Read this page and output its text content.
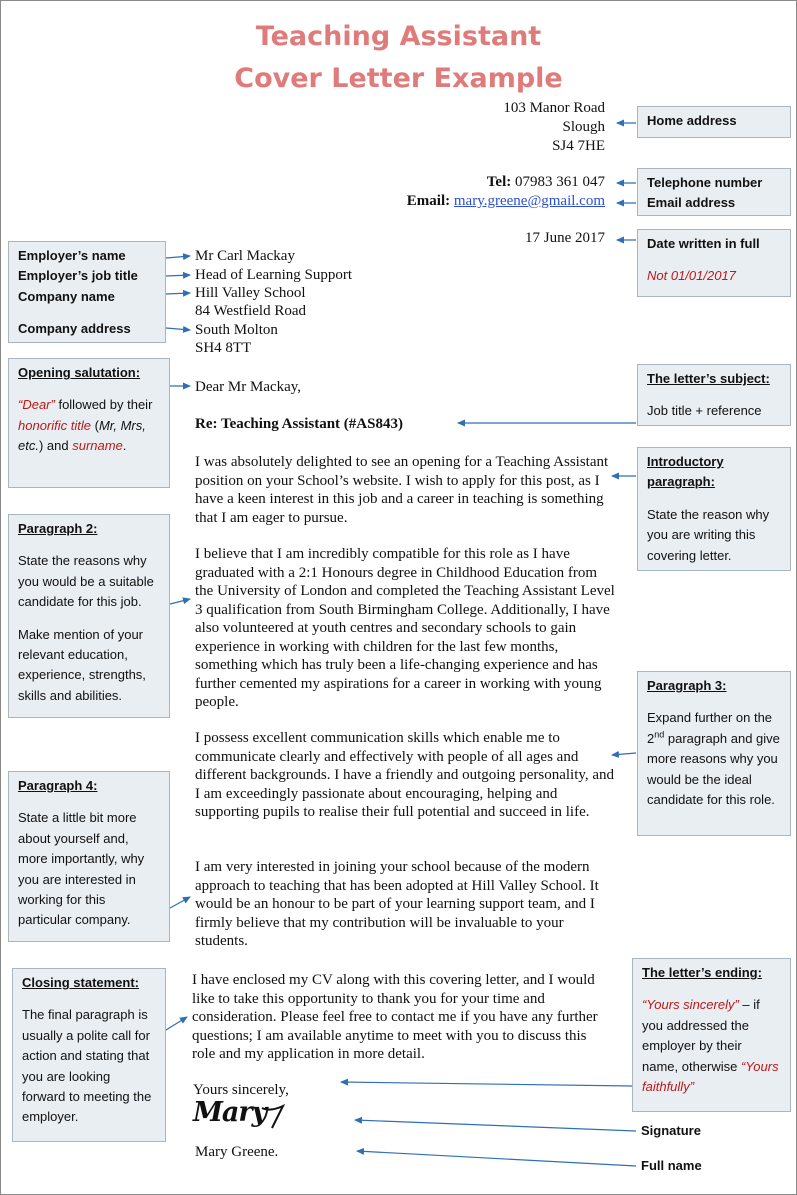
Teaching Assistant
Cover Letter Example
103 Manor Road
Slough
SJ4 7HE
Tel: 07983 361 047
Email: mary.greene@gmail.com
17 June 2017
Mr Carl Mackay
Head of Learning Support
Hill Valley School
84 Westfield Road
South Molton
SH4 8TT
Dear Mr Mackay,
Re: Teaching Assistant (#AS843)
I was absolutely delighted to see an opening for a Teaching Assistant position on your School’s website. I wish to apply for this post, as I have a keen interest in this job and a career in teaching is something that I am eager to pursue.
I believe that I am incredibly compatible for this role as I have graduated with a 2:1 Honours degree in Childhood Education from the University of London and completed the Teaching Assistant Level 3 qualification from South Birmingham College. Additionally, I have also volunteered at youth centres and secondary schools to gain experience in working with children for the last few months, something which has truly been a life-changing experience and has further cemented my aspirations for a career in working with young people.
I possess excellent communication skills which enable me to communicate clearly and effectively with people of all ages and different backgrounds. I have a friendly and outgoing personality, and I am exceedingly passionate about encouraging, helping and supporting pupils to realise their full potential and succeed in life.
I am very interested in joining your school because of the modern approach to teaching that has been adopted at Hill Valley School. It would be an honour to be part of your learning support team, and I firmly believe that my contribution will be invaluable to your students.
I have enclosed my CV along with this covering letter, and I would like to take this opportunity to thank you for your time and consideration. Please feel free to contact me if you have any further questions; I am available anytime to meet with you to discuss this role and my application in more detail.
Yours sincerely,
Mary
Mary Greene.

Home address

Telephone number

Email address

Date written in full

Not 01/01/2017

The letter’s subject:

Job title + reference

Introductory paragraph:

State the reason why you are writing this covering letter.

Paragraph 3:

Expand further on the 2nd paragraph and give more reasons why you would be the ideal candidate for this role.

The letter’s ending:

“Yours sincerely” – if you addressed the employer by their name, otherwise “Yours faithfully”

Signature
Full name

Employer’s name

Employer’s job title

Company name

Company address

Opening salutation:

“Dear” followed by their honorific title (Mr, Mrs, etc.) and surname.

Paragraph 2:

State the reasons why you would be a suitable candidate for this job.

Make mention of your relevant education, experience, strengths, skills and abilities.

Paragraph 4:

State a little bit more about yourself and, more importantly, why you are interested in working for this particular company.

Closing statement:

The final paragraph is usually a polite call for action and stating that you are looking forward to meeting the employer.
